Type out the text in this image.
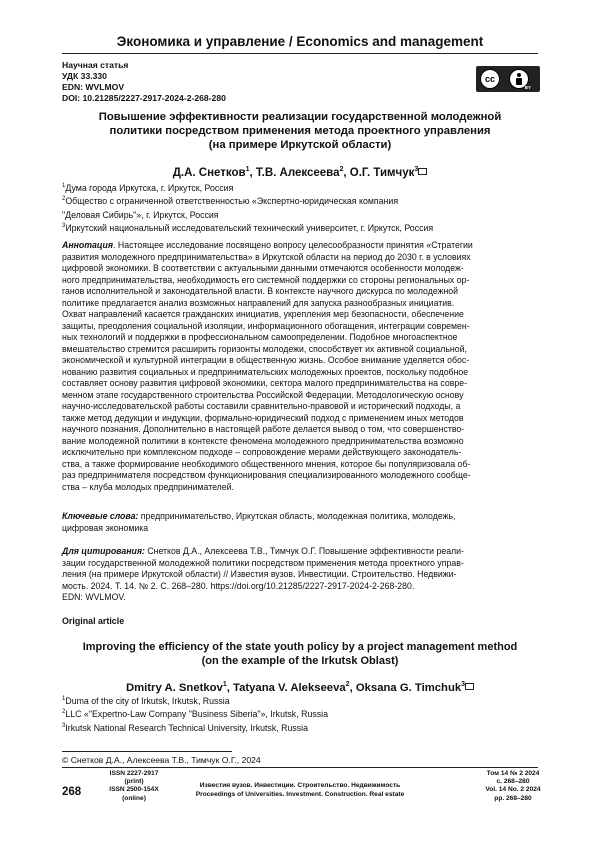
Экономика и управление / Economics and management
Научная статья
УДК 33.330
EDN: WVLMOV
DOI: 10.21285/2227-2917-2024-2-268-280
cc
BY
Повышение эффективности реализации государственной молодежной
политики посредством применения метода проектного управления
(на примере Иркутской области)
Д.А. Снетков$^1$, Т.В. Алексеева$^2$, О.Г. Тимчук$^3$
$^1$Дума города Иркутска, г. Иркутск, Россия
$^2$Общество с ограниченной ответственностью «Экспертно-юридическая компания
"Деловая Сибирь"», г. Иркутск, Россия
$^3$Иркутский национальный исследовательский технический университет, г. Иркутск, Россия
Аннотация. Настоящее исследование посвящено вопросу целесообразности принятия «Стратегии
развития молодежного предпринимательства» в Иркутской области на период до 2030 г. в условиях
цифровой экономики. В соответствии с актуальными данными отмечаются особенности молодеж-
ного предпринимательства, необходимость его системной поддержки со стороны региональных ор-
ганов исполнительной и законодательной власти. В контексте научного дискурса по молодежной
политике предлагается анализ возможных направлений для запуска разнообразных инициатив.
Охват направлений касается гражданских инициатив, укрепления мер безопасности, обеспечение
защиты, преодоления социальной изоляции, информационного обогащения, интеграции современ-
ных технологий и поддержки в профессиональном самоопределении. Подобное многоаспектное
вмешательство стремится расширить горизонты молодежи, способствует их активной социальной,
экономической и культурной интеграции в общественную жизнь. Особое внимание уделяется обос-
нованию развития социальных и предпринимательских молодежных проектов, поскольку подобное
составляет основу развития цифровой экономики, сектора малого предпринимательства на совре-
менном этапе государственного строительства Российской Федерации. Методологическую основу
научно-исследовательской работы составили сравнительно-правовой и исторический подходы, а
также метод дедукции и индукции, формально-юридический подход с применением иных методов
научного познания. Дополнительно в настоящей работе делается вывод о том, что совершенство-
вание молодежной политики в контексте феномена молодежного предпринимательства возможно
исключительно при комплексном подходе – сопровождение мерами действующего законодатель-
ства, а также формирование необходимого общественного мнения, которое бы популяризовала об-
раз предпринимателя посредством функционирования специализированного молодежного сообще-
ства – клуба молодых предпринимателей.
Ключевые слова: предпринимательство, Иркутская область, молодежная политика, молодежь,
цифровая экономика
Для цитирования: Снетков Д.А., Алексеева Т.В., Тимчук О.Г. Повышение эффективности реали-
зации государственной молодежной политики посредством применения метода проектного управ-
ления (на примере Иркутской области) // Известия вузов. Инвестиции. Строительство. Недвижи-
мость. 2024. Т. 14. № 2. С. 268–280. https://doi.org/10.21285/2227-2917-2024-2-268-280.
EDN: WVLMOV.
Original article
Improving the efficiency of the state youth policy by a project management method
(on the example of the Irkutsk Oblast)
Dmitry A. Snetkov$^1$, Tatyana V. Alekseeva$^2$, Oksana G. Timchuk$^3$
$^1$Duma of the city of Irkutsk, Irkutsk, Russia
$^2$LLC «"Expertno-Law Company "Business Siberia"», Irkutsk, Russia
$^3$Irkutsk National Research Technical University, Irkutsk, Russia
© Снетков Д.А., Алексеева Т.В., Тимчук О.Г., 2024
268
ISSN 2227-2917
(print)
ISSN 2500-154X
(online)
Известия вузов. Инвестиции. Строительство. Недвижимость
Proceedings of Universities. Investment. Construction. Real estate
Том 14 № 2 2024
с. 268–280
Vol. 14 No. 2 2024
pp. 268–280
